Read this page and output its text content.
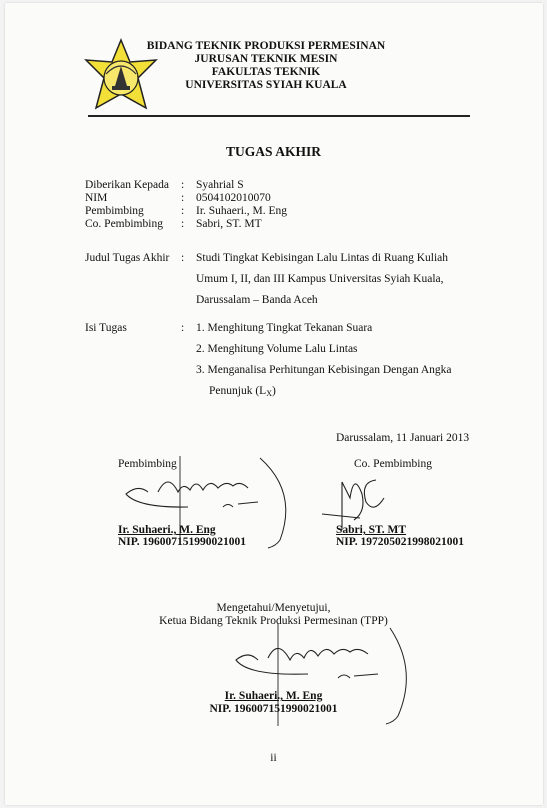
BIDANG TEKNIK PRODUKSI PERMESINAN
JURUSAN TEKNIK MESIN
FAKULTAS TEKNIK
UNIVERSITAS SYIAH KUALA
TUGAS AKHIR
Diberikan Kepada : Syahrial S
NIM	: 0504102010070
Pembimbing	: Ir. Suhaeri., M. Eng
Co. Pembimbing : Sabri, ST. MT
Judul Tugas Akhir : Studi Tingkat Kebisingan Lalu Lintas di Ruang Kuliah
Umum I, II, dan III Kampus Universitas Syiah Kuala,
Darussalam – Banda Aceh
Isi Tugas	: 1. Menghitung Tingkat Tekanan Suara
2. Menghitung Volume Lalu Lintas
3. Menganalisa Perhitungan Kebisingan Dengan Angka
Penunjuk (LX)
Darussalam, 11 Januari 2013
Pembimbing	Co. Pembimbing
Ir. Suhaeri., M. Eng
NIP. 196007151990021001
Sabri, ST. MT
NIP. 197205021998021001
Mengetahui/Menyetujui,
Ketua Bidang Teknik Produksi Permesinan (TPP)
Ir. Suhaeri., M. Eng
NIP. 196007151990021001
ii
